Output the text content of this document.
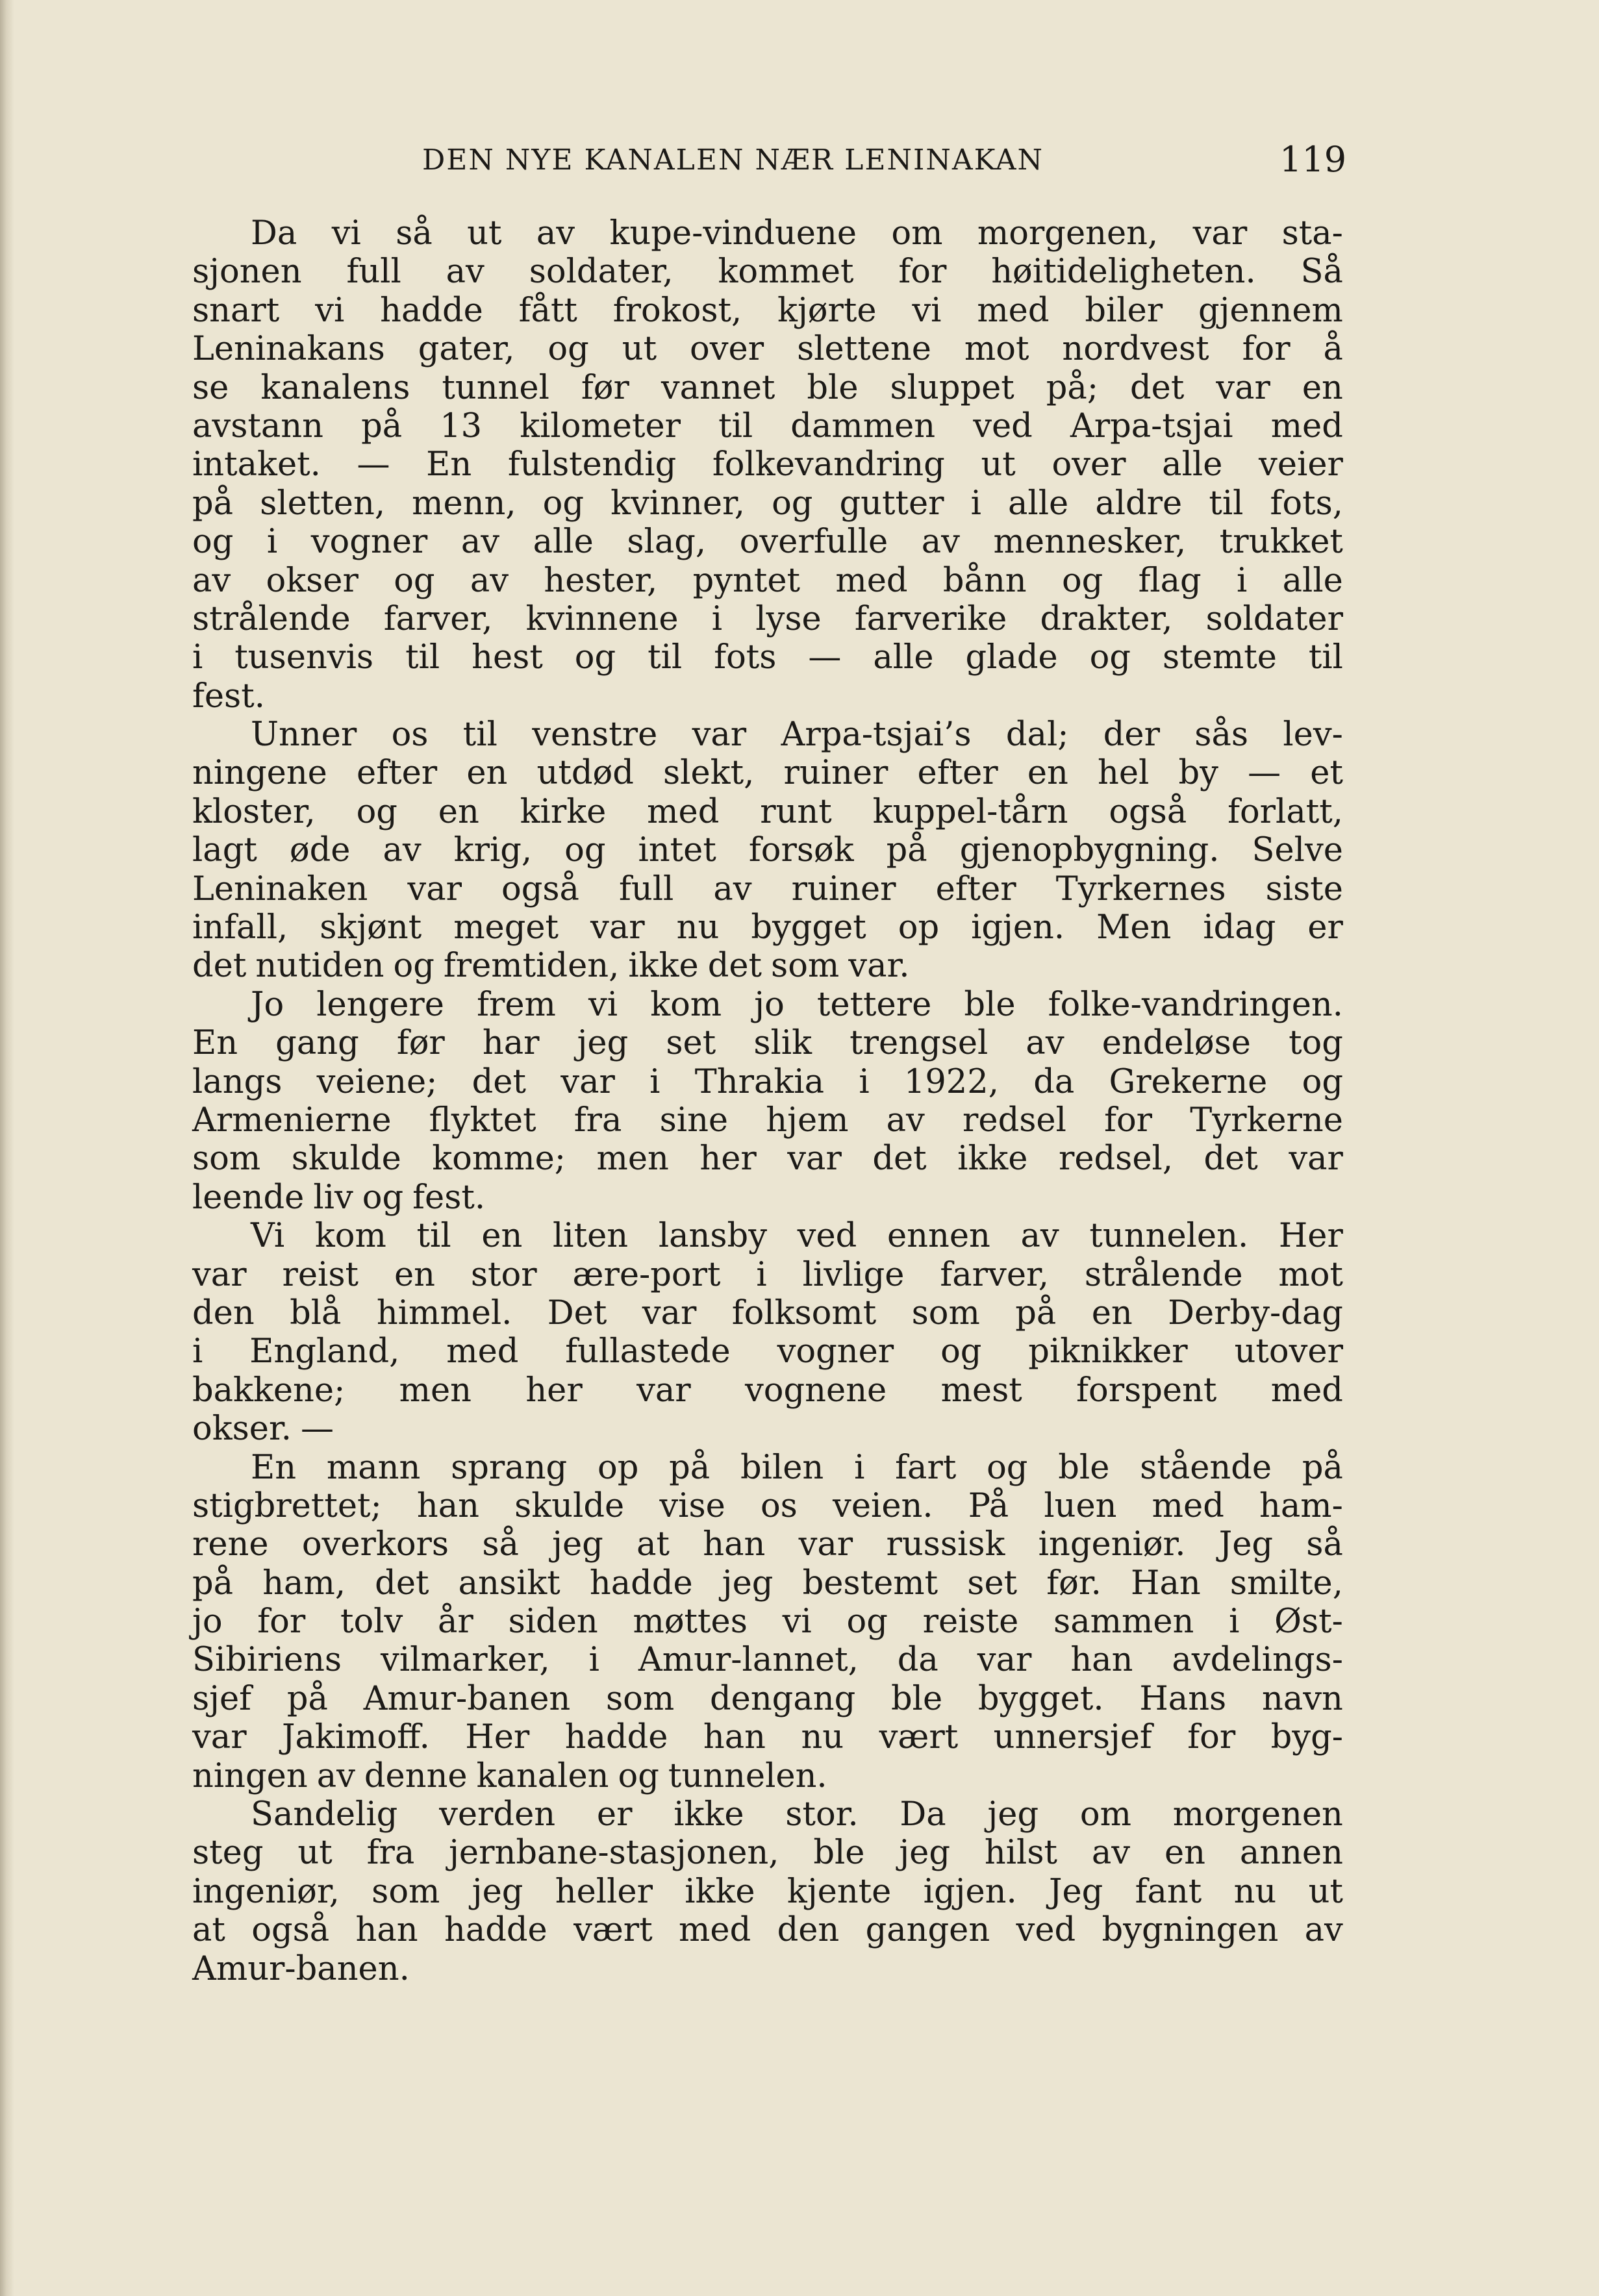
DEN NYE KANALEN NÆR LENINAKAN	119
Da vi så ut av kupe-vinduene om morgenen, var sta-
sjonen full av soldater, kommet for høitideligheten. Så
snart vi hadde fått frokost, kjørte vi med biler gjennem
Leninakans gater, og ut over slettene mot nordvest for å
se kanalens tunnel før vannet ble sluppet på; det var en
avstann på 13 kilometer til dammen ved Arpa-tsjai med
intaket. — En fulstendig folkevandring ut over alle veier
på sletten, menn, og kvinner, og gutter i alle aldre til fots,
og i vogner av alle slag, overfulle av mennesker, trukket
av okser og av hester, pyntet med bånn og flag i alle
strålende farver, kvinnene i lyse farverike drakter, soldater
i tusenvis til hest og til fots — alle glade og stemte til
fest.
Unner os til venstre var Arpa-tsjai’s dal; der sås lev-
ningene efter en utdød slekt, ruiner efter en hel by — et
kloster, og en kirke med runt kuppel-tårn også forlatt,
lagt øde av krig, og intet forsøk på gjenopbygning. Selve
Leninaken var også full av ruiner efter Tyrkernes siste
infall, skjønt meget var nu bygget op igjen. Men idag er
det nutiden og fremtiden, ikke det som var.
Jo lengere frem vi kom jo tettere ble folke-vandringen.
En gang før har jeg set slik trengsel av endeløse tog
langs veiene; det var i Thrakia i 1922, da Grekerne og
Armenierne flyktet fra sine hjem av redsel for Tyrkerne
som skulde komme; men her var det ikke redsel, det var
leende liv og fest.
Vi kom til en liten lansby ved ennen av tunnelen. Her
var reist en stor ære-port i livlige farver, strålende mot
den blå himmel. Det var folksomt som på en Derby-dag
i England, med fullastede vogner og piknikker utover
bakkene; men her var vognene mest forspent med
okser. —
En mann sprang op på bilen i fart og ble stående på
stigbrettet; han skulde vise os veien. På luen med ham-
rene overkors så jeg at han var russisk ingeniør. Jeg så
på ham, det ansikt hadde jeg bestemt set før. Han smilte,
jo for tolv år siden møttes vi og reiste sammen i Øst-
Sibiriens vilmarker, i Amur-lannet, da var han avdelings-
sjef på Amur-banen som dengang ble bygget. Hans navn
var Jakimoff. Her hadde han nu vært unnersjef for byg-
ningen av denne kanalen og tunnelen.
Sandelig verden er ikke stor. Da jeg om morgenen
steg ut fra jernbane-stasjonen, ble jeg hilst av en annen
ingeniør, som jeg heller ikke kjente igjen. Jeg fant nu ut
at også han hadde vært med den gangen ved bygningen av
Amur-banen.
